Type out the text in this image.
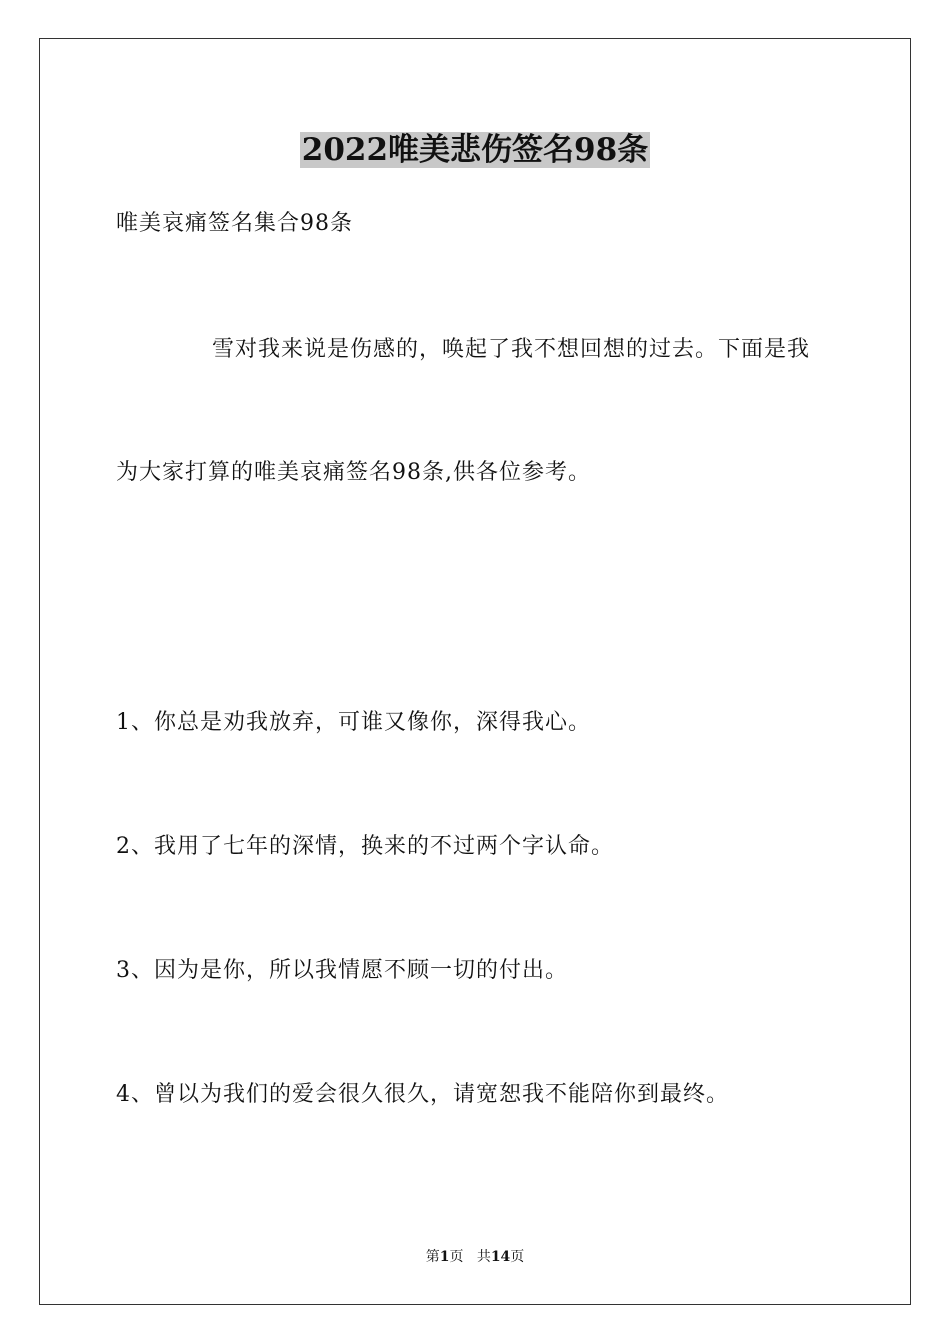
2022唯美悲伤签名98条
唯美哀痛签名集合98条
雪对我来说是伤感的，唤起了我不想回想的过去。下面是我
为大家打算的唯美哀痛签名98条,供各位参考。
1、你总是劝我放弃，可谁又像你，深得我心。
2、我用了七年的深情，换来的不过两个字认命。
3、因为是你，所以我情愿不顾一切的付出。
4、曾以为我们的爱会很久很久，请宽恕我不能陪你到最终。
第1页 共14页
